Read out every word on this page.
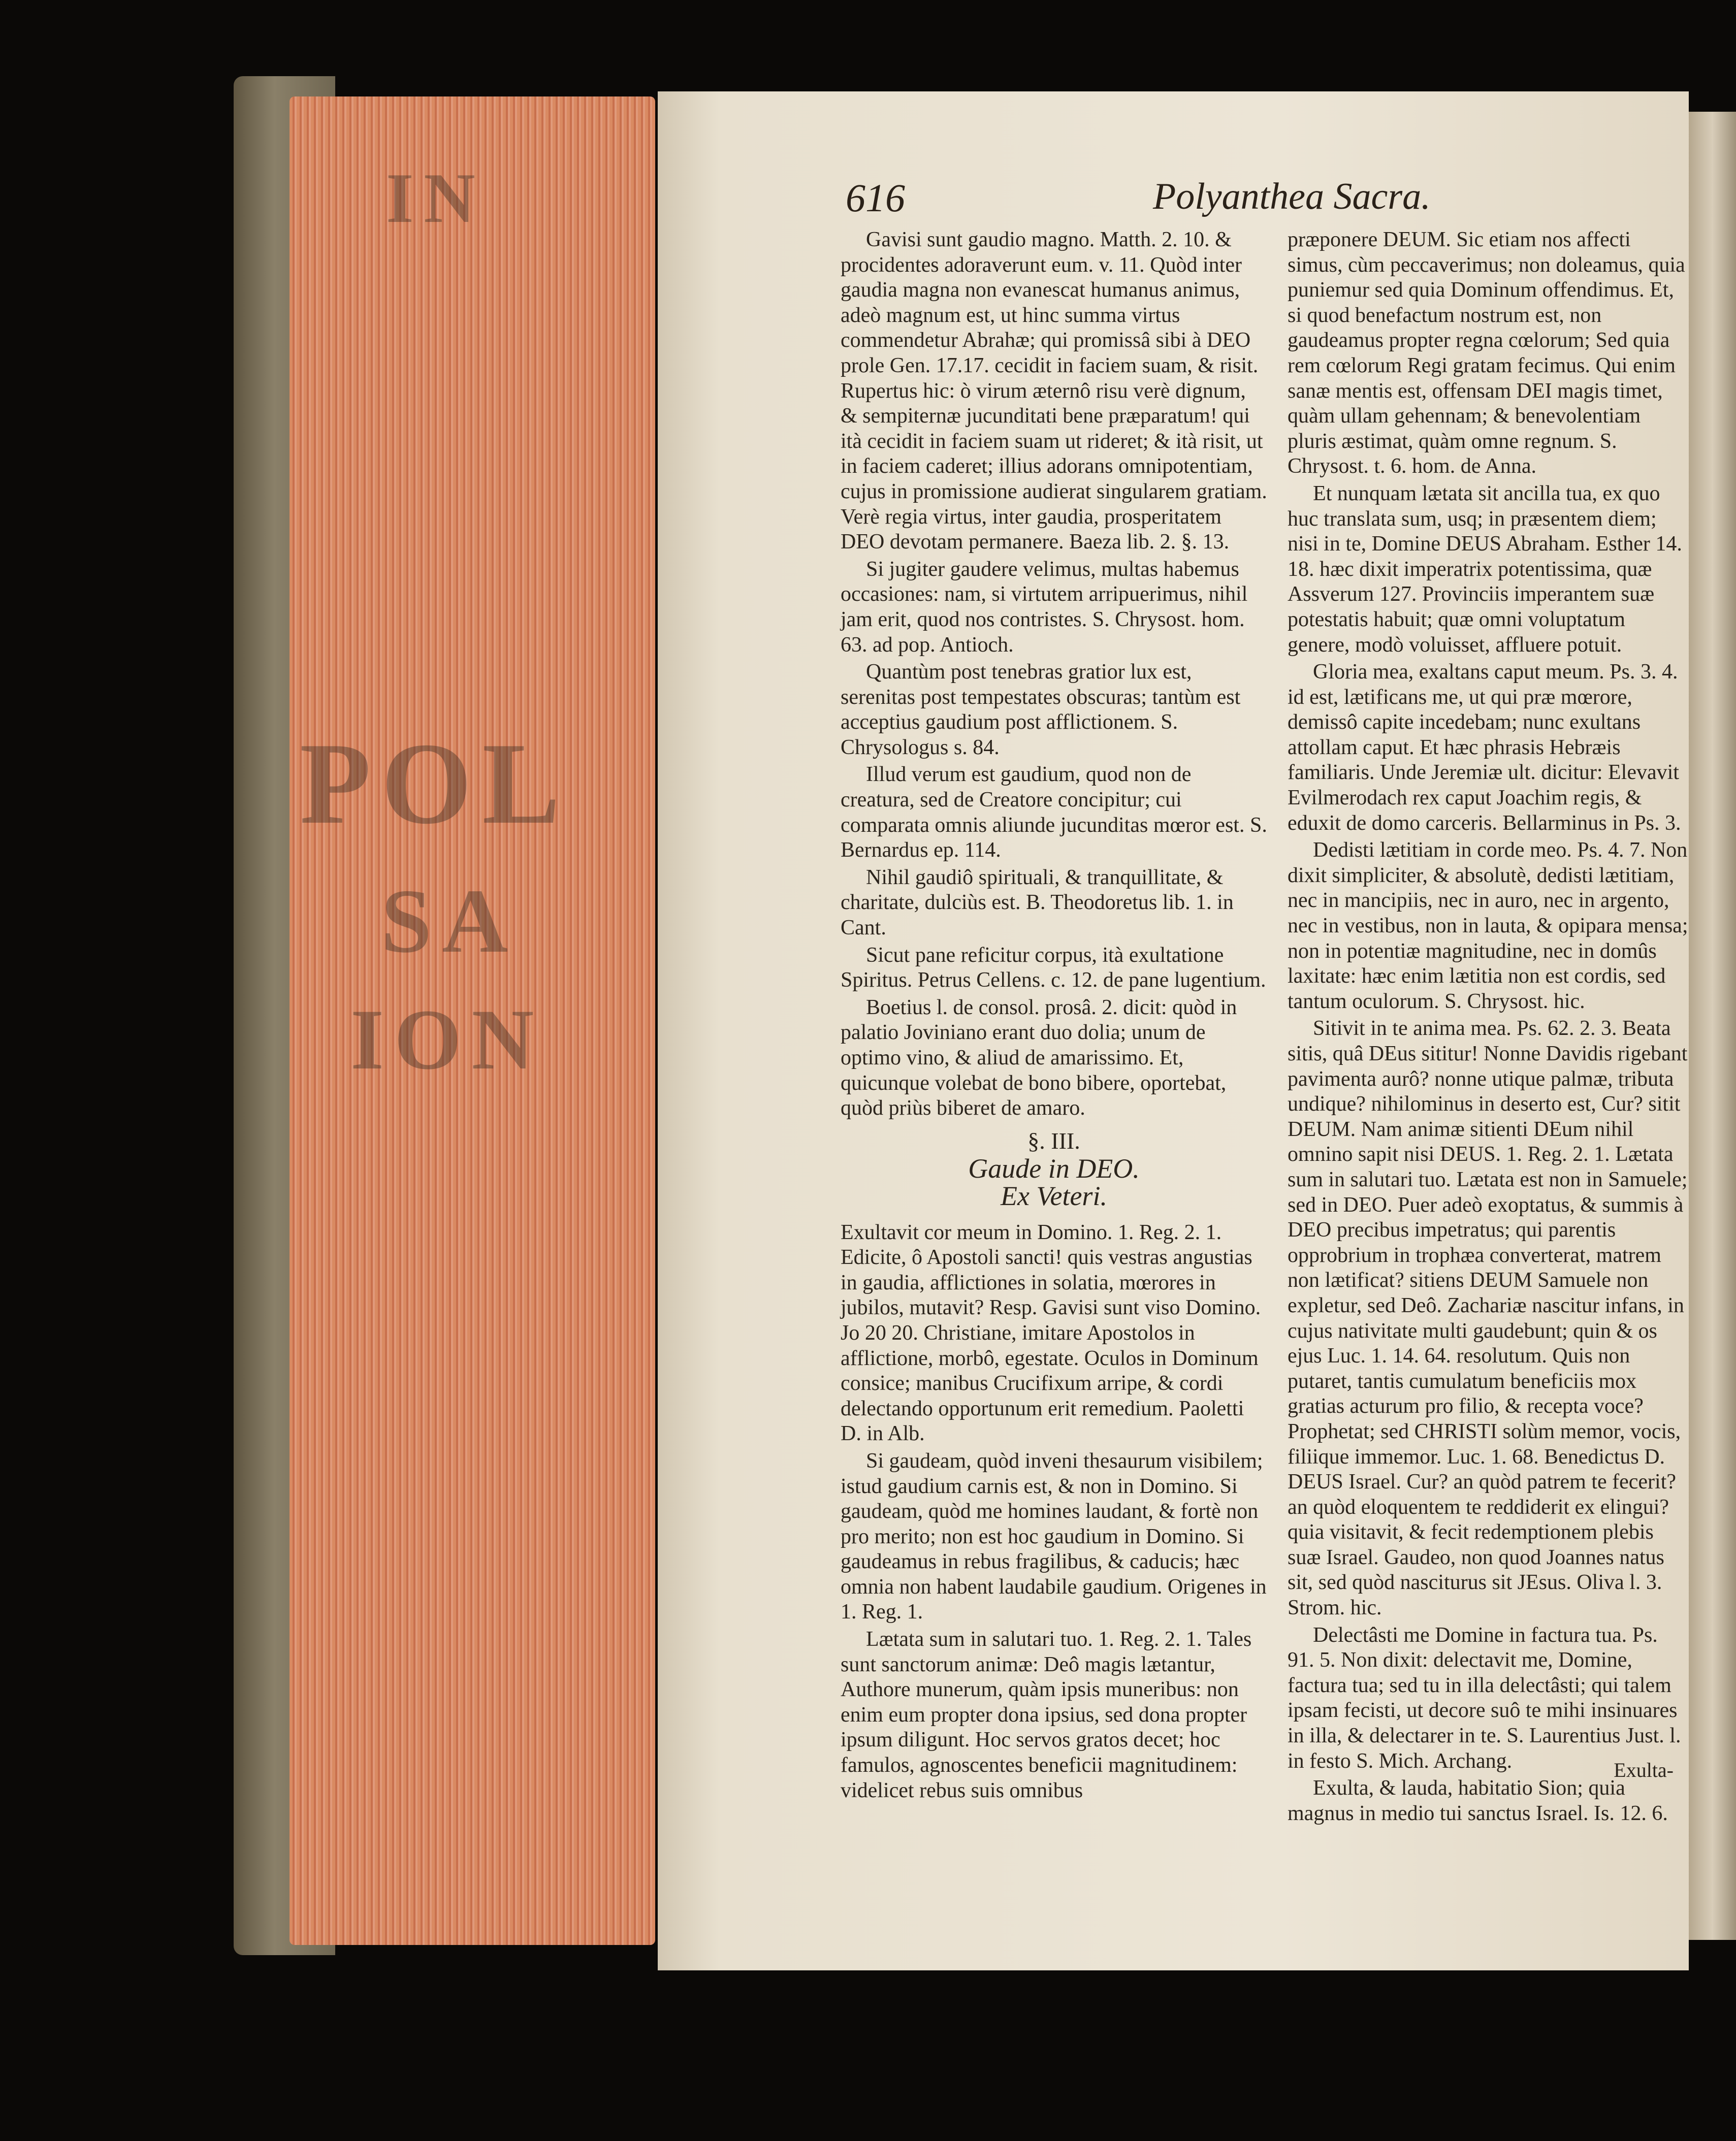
POL
SA
ION
IN	616	Polyanthea Sacra.

Gavisi sunt gaudio magno. Matth. 2. 10. & procidentes adoraverunt eum. v. 11. Quòd inter gaudia magna non evanescat humanus animus, adeò magnum est, ut hinc summa virtus commendetur Abrahæ; qui promissâ sibi à DEO prole Gen. 17.17. cecidit in faciem suam, & risit. Rupertus hic: ò virum æternô risu verè dignum, & sempiternæ jucunditati bene præparatum! qui ità cecidit in faciem suam ut rideret; & ità risit, ut in faciem caderet; illius adorans omnipotentiam, cujus in promissione audierat singularem gratiam. Verè regia virtus, inter gaudia, prosperitatem DEO devotam permanere. Baeza lib. 2. §. 13.

Si jugiter gaudere velimus, multas habemus occasiones: nam, si virtutem arripuerimus, nihil jam erit, quod nos contristes. S. Chrysost. hom. 63. ad pop. Antioch.

Quantùm post tenebras gratior lux est, serenitas post tempestates obscuras; tantùm est acceptius gaudium post afflictionem. S. Chrysologus s. 84.

Illud verum est gaudium, quod non de creatura, sed de Creatore concipitur; cui comparata omnis aliunde jucunditas mœror est. S. Bernardus ep. 114.

Nihil gaudiô spirituali, & tranquillitate, & charitate, dulciùs est. B. Theodoretus lib. 1. in Cant.

Sicut pane reficitur corpus, ità exultatione Spiritus. Petrus Cellens. c. 12. de pane lugentium.

Boetius l. de consol. prosâ. 2. dicit: quòd in palatio Joviniano erant duo dolia; unum de optimo vino, & aliud de amarissimo. Et, quicunque volebat de bono bibere, oportebat, quòd priùs biberet de amaro.

§. III.
Gaude in DEO.
Ex Veteri.

Exultavit cor meum in Domino. 1. Reg. 2. 1. Edicite, ô Apostoli sancti! quis vestras angustias in gaudia, afflictiones in solatia, mœrores in jubilos, mutavit? Resp. Gavisi sunt viso Domino. Jo 20 20. Christiane, imitare Apostolos in afflictione, morbô, egestate. Oculos in Dominum consice; manibus Crucifixum arripe, & cordi delectando opportunum erit remedium. Paoletti D. in Alb.

Si gaudeam, quòd inveni thesaurum visibilem; istud gaudium carnis est, & non in Domino. Si gaudeam, quòd me homines laudant, & fortè non pro merito; non est hoc gaudium in Domino. Si gaudeamus in rebus fragilibus, & caducis; hæc omnia non habent laudabile gaudium. Origenes in 1. Reg. 1.

Lætata sum in salutari tuo. 1. Reg. 2. 1. Tales sunt sanctorum animæ: Deô magis lætantur, Authore munerum, quàm ipsis muneribus: non enim eum propter dona ipsius, sed dona propter ipsum diligunt. Hoc servos gratos decet; hoc famulos, agnoscentes beneficii magnitudinem: videlicet rebus suis omnibus

præponere DEUM. Sic etiam nos affecti simus, cùm peccaverimus; non doleamus, quia puniemur sed quia Dominum offendimus. Et, si quod benefactum nostrum est, non gaudeamus propter regna cœlorum; Sed quia rem cœlorum Regi gratam fecimus. Qui enim sanæ mentis est, offensam DEI magis timet, quàm ullam gehennam; & benevolentiam pluris æstimat, quàm omne regnum. S. Chrysost. t. 6. hom. de Anna.

Et nunquam lætata sit ancilla tua, ex quo huc translata sum, usq; in præsentem diem; nisi in te, Domine DEUS Abraham. Esther 14. 18. hæc dixit imperatrix potentissima, quæ Assverum 127. Provinciis imperantem suæ potestatis habuit; quæ omni voluptatum genere, modò voluisset, affluere potuit.

Gloria mea, exaltans caput meum. Ps. 3. 4. id est, lætificans me, ut qui præ mœrore, demissô capite incedebam; nunc exultans attollam caput. Et hæc phrasis Hebræis familiaris. Unde Jeremiæ ult. dicitur: Elevavit Evilmerodach rex caput Joachim regis, & eduxit de domo carceris. Bellarminus in Ps. 3.

Dedisti lætitiam in corde meo. Ps. 4. 7. Non dixit simpliciter, & absolutè, dedisti lætitiam, nec in mancipiis, nec in auro, nec in argento, nec in vestibus, non in lauta, & opipara mensa; non in potentiæ magnitudine, nec in domûs laxitate: hæc enim lætitia non est cordis, sed tantum oculorum. S. Chrysost. hic.

Sitivit in te anima mea. Ps. 62. 2. 3. Beata sitis, quâ DEus sititur! Nonne Davidis rigebant pavimenta aurô? nonne utique palmæ, tributa undique? nihilominus in deserto est, Cur? sitit DEUM. Nam animæ sitienti DEum nihil omnino sapit nisi DEUS. 1. Reg. 2. 1. Lætata sum in salutari tuo. Lætata est non in Samuele; sed in DEO. Puer adeò exoptatus, & summis à DEO precibus impetratus; qui parentis opprobrium in trophæa converterat, matrem non lætificat? sitiens DEUM Samuele non expletur, sed Deô. Zachariæ nascitur infans, in cujus nativitate multi gaudebunt; quin & os ejus Luc. 1. 14. 64. resolutum. Quis non putaret, tantis cumulatum beneficiis mox gratias acturum pro filio, & recepta voce? Prophetat; sed CHRISTI solùm memor, vocis, filiique immemor. Luc. 1. 68. Benedictus D. DEUS Israel. Cur? an quòd patrem te fecerit? an quòd eloquentem te reddiderit ex elingui? quia visitavit, & fecit redemptionem plebis suæ Israel. Gaudeo, non quod Joannes natus sit, sed quòd nasciturus sit JEsus. Oliva l. 3. Strom. hic.

Delectâsti me Domine in factura tua. Ps. 91. 5. Non dixit: delectavit me, Domine, factura tua; sed tu in illa delectâsti; qui talem ipsam fecisti, ut decore suô te mihi insinuares in illa, & delectarer in te. S. Laurentius Just. l. in festo S. Mich. Archang.

Exulta, & lauda, habitatio Sion; quia magnus in medio tui sanctus Israel. Is. 12. 6.

Exulta-
